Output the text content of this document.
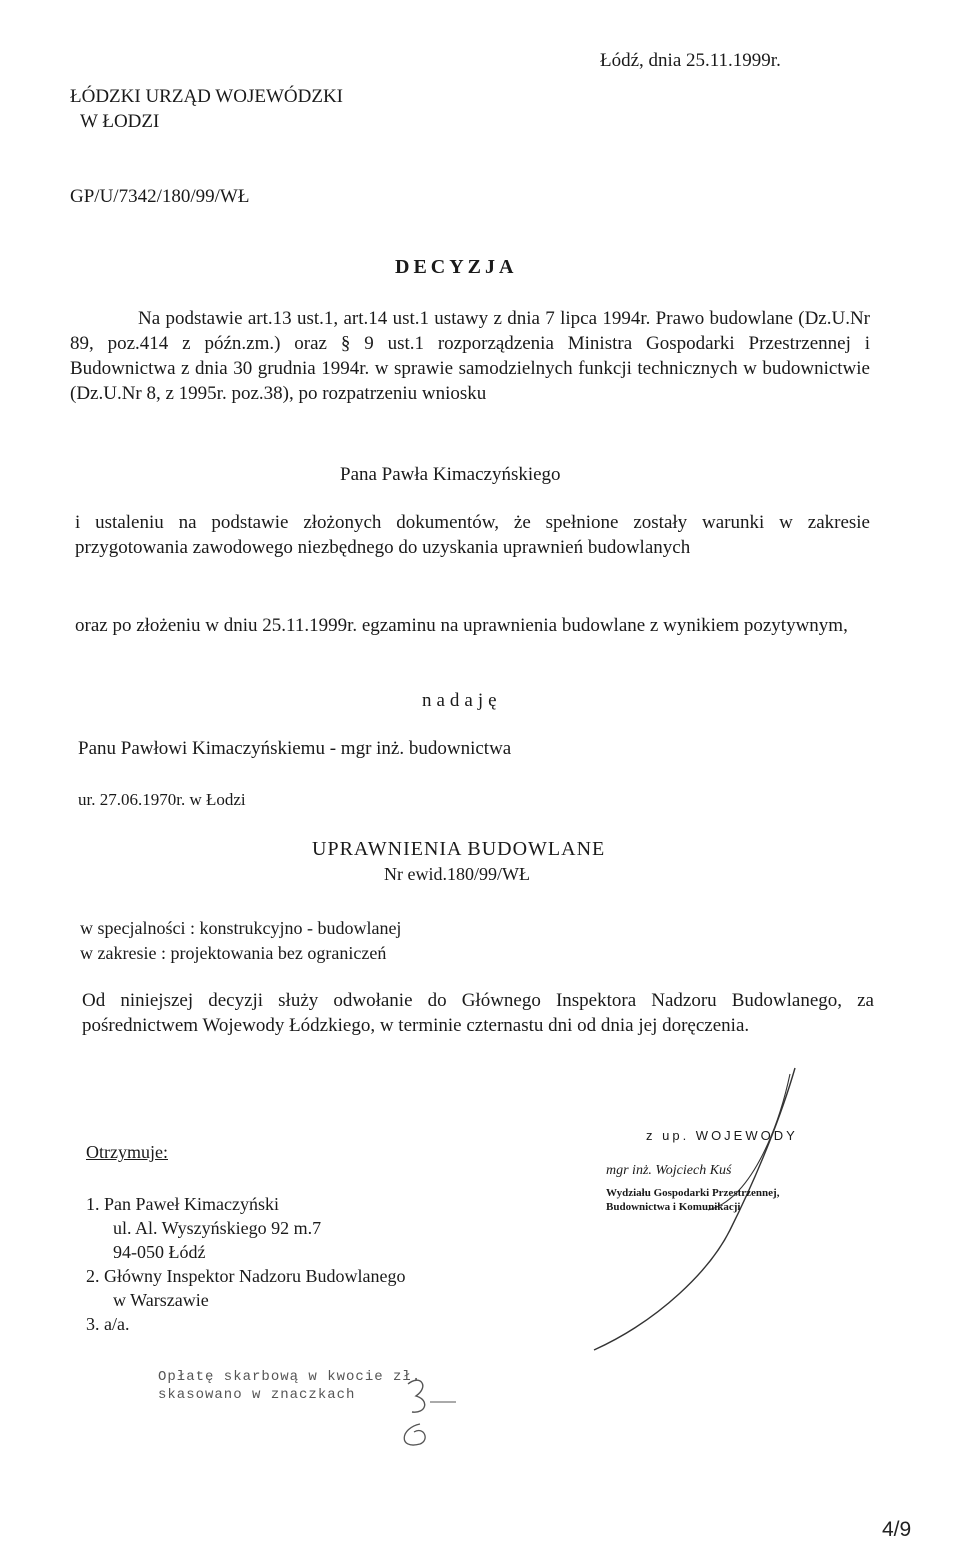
ŁÓDZKI URZĄD WOJEWÓDZKI
W ŁODZI
Łódź, dnia 25.11.1999r.
GP/U/7342/180/99/WŁ
DECYZJA
Na podstawie art.13 ust.1, art.14 ust.1 ustawy z dnia 7 lipca 1994r. Prawo budowlane (Dz.U.Nr 89, poz.414 z późn.zm.) oraz § 9 ust.1 rozporządzenia Ministra Gospodarki Przestrzennej i Budownictwa z dnia 30 grudnia 1994r. w sprawie samodzielnych funkcji technicznych w budownictwie (Dz.U.Nr 8, z 1995r. poz.38), po rozpatrzeniu wniosku
Pana Pawła Kimaczyńskiego
i ustaleniu na podstawie złożonych dokumentów, że spełnione zostały warunki w zakresie przygotowania zawodowego niezbędnego do uzyskania uprawnień budowlanych
oraz po złożeniu w dniu 25.11.1999r. egzaminu na uprawnienia budowlane z wynikiem pozytywnym,
nadaję
Panu Pawłowi Kimaczyńskiemu - mgr inż. budownictwa
ur. 27.06.1970r. w Łodzi
UPRAWNIENIA BUDOWLANE
Nr ewid.180/99/WŁ
w specjalności : konstrukcyjno - budowlanej
w zakresie : projektowania bez ograniczeń
Od niniejszej decyzji służy odwołanie do Głównego Inspektora Nadzoru Budowlanego, za pośrednictwem Wojewody Łódzkiego, w terminie czternastu dni od dnia jej doręczenia.
Otrzymuje:
1. Pan Paweł Kimaczyński
ul. Al. Wyszyńskiego 92 m.7
94-050 Łódź
2. Główny Inspektor Nadzoru Budowlanego
w Warszawie
3. a/a.
z up. WOJEWODY
mgr inż. Wojciech Kuś
Wydziału Gospodarki Przestrzennej,
Budownictwa i Komunikacji
Opłatę skarbową w kwocie zł.
skasowano w znaczkach
4/9
